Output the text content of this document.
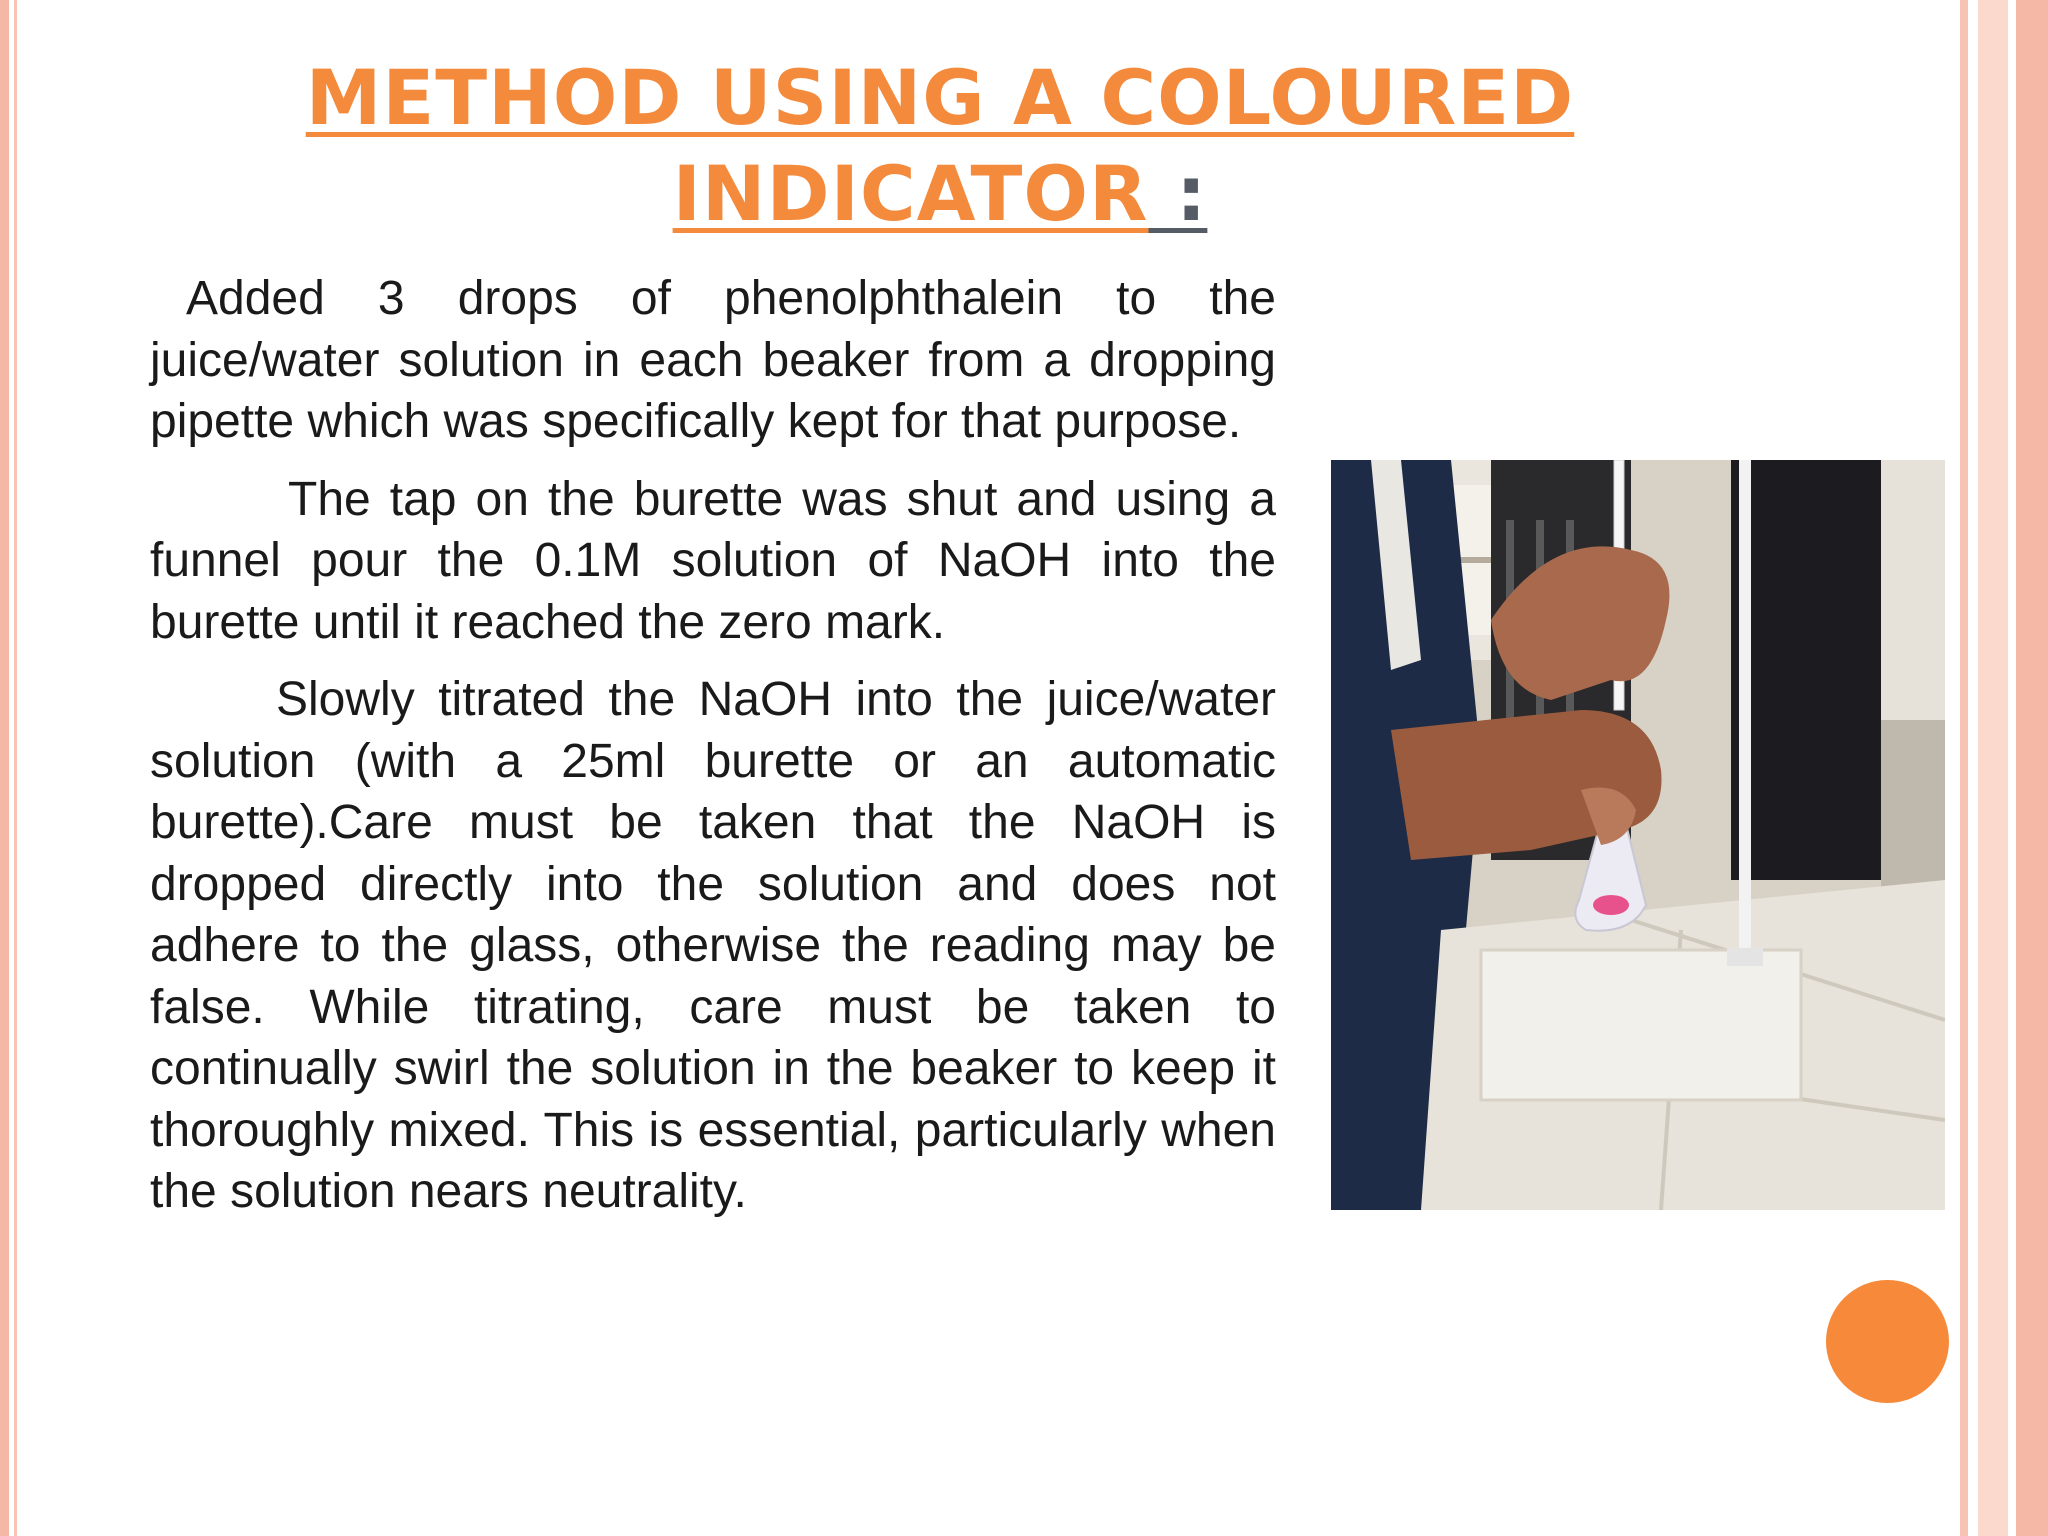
METHOD USING A COLOURED INDICATOR :

Added 3 drops of phenolphthalein to the juice/water solution in each beaker from a dropping pipette which was specifically kept for that purpose.

The tap on the burette was shut and using a funnel pour the 0.1M solution of NaOH into the burette until it reached the zero mark.

Slowly titrated the NaOH into the juice/water solution (with a 25ml burette or an automatic burette).Care must be taken that the NaOH is dropped directly into the solution and does not adhere to the glass, otherwise the reading may be false. While titrating, care must be taken to continually swirl the solution in the beaker to keep it thoroughly mixed. This is essential, particularly when the solution nears neutrality.
